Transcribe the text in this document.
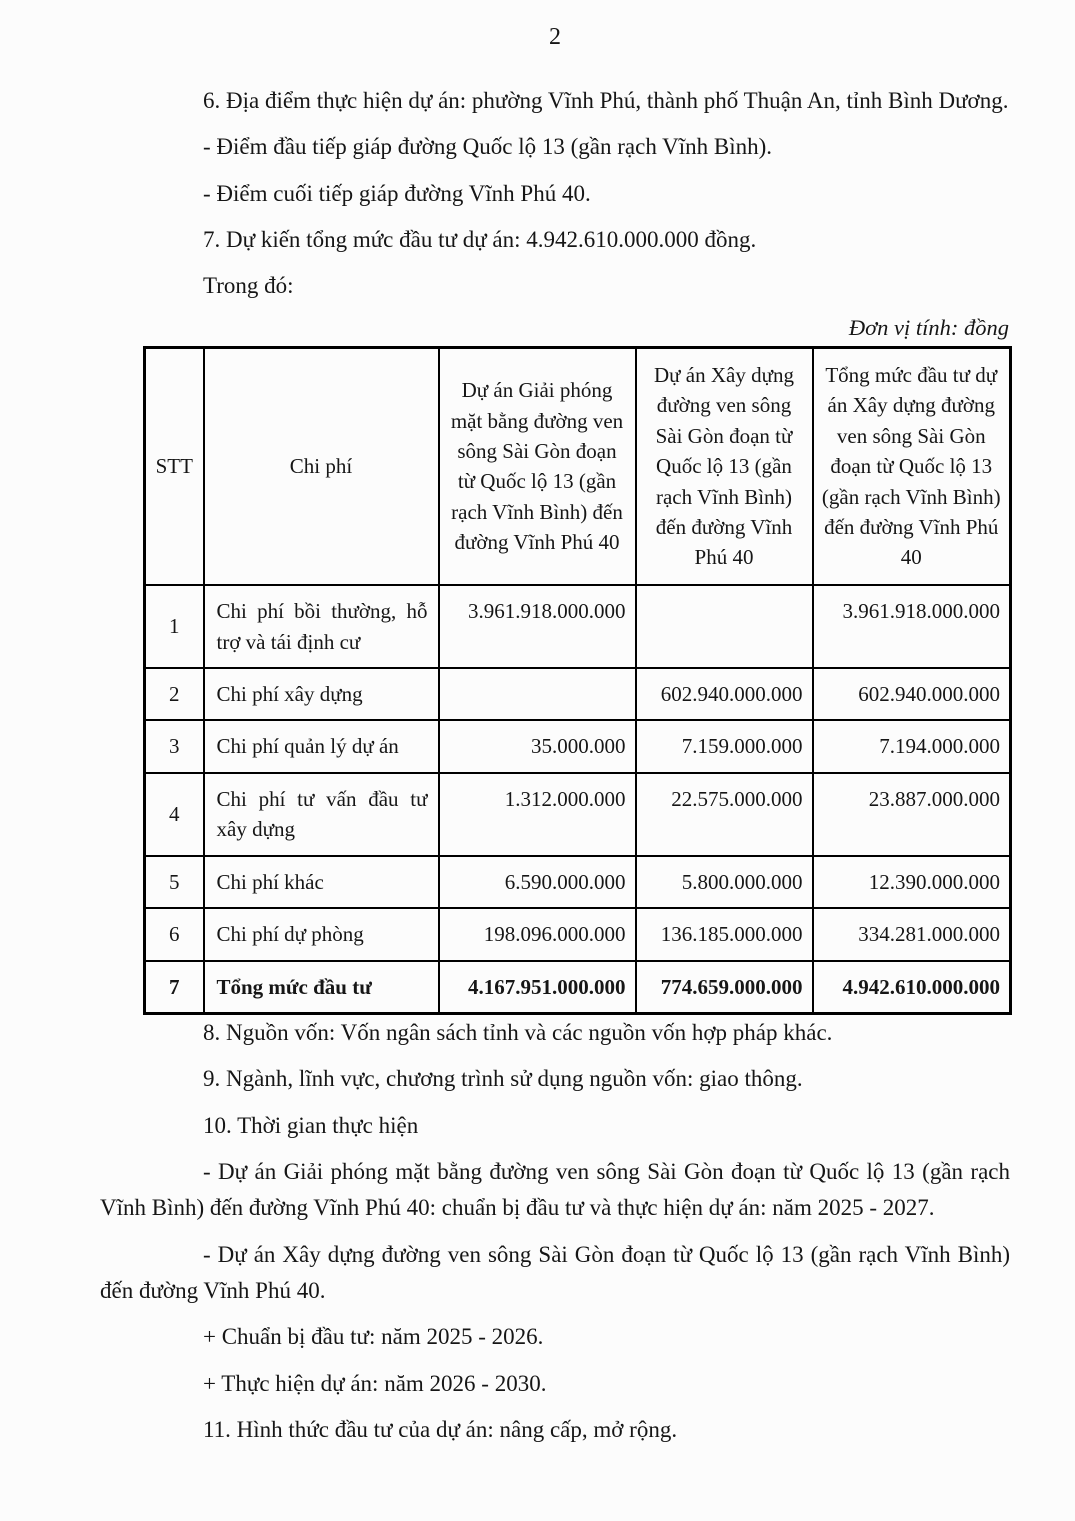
2

6. Địa điểm thực hiện dự án: phường Vĩnh Phú, thành phố Thuận An, tỉnh Bình Dương.

- Điểm đầu tiếp giáp đường Quốc lộ 13 (gần rạch Vĩnh Bình).

- Điểm cuối tiếp giáp đường Vĩnh Phú 40.

7. Dự kiến tổng mức đầu tư dự án: 4.942.610.000.000 đồng.

Trong đó:

Đơn vị tính: đồng
STT	Chi phí	Dự án Giải phóng mặt bằng đường ven sông Sài Gòn đoạn từ Quốc lộ 13 (gần rạch Vĩnh Bình) đến đường Vĩnh Phú 40	Dự án Xây dựng đường ven sông Sài Gòn đoạn từ Quốc lộ 13 (gần rạch Vĩnh Bình) đến đường Vĩnh Phú 40	Tổng mức đầu tư dự án Xây dựng đường ven sông Sài Gòn đoạn từ Quốc lộ 13 (gần rạch Vĩnh Bình) đến đường Vĩnh Phú 40
1	Chi phí bồi thường, hỗ trợ và tái định cư	3.961.918.000.000		3.961.918.000.000
2	Chi phí xây dựng		602.940.000.000	602.940.000.000
3	Chi phí quản lý dự án	35.000.000	7.159.000.000	7.194.000.000
4	Chi phí tư vấn đầu tư xây dựng	1.312.000.000	22.575.000.000	23.887.000.000
5	Chi phí khác	6.590.000.000	5.800.000.000	12.390.000.000
6	Chi phí dự phòng	198.096.000.000	136.185.000.000	334.281.000.000
7	Tổng mức đầu tư	4.167.951.000.000	774.659.000.000	4.942.610.000.000

8. Nguồn vốn: Vốn ngân sách tỉnh và các nguồn vốn hợp pháp khác.

9. Ngành, lĩnh vực, chương trình sử dụng nguồn vốn: giao thông.

10. Thời gian thực hiện

- Dự án Giải phóng mặt bằng đường ven sông Sài Gòn đoạn từ Quốc lộ 13 (gần rạch Vĩnh Bình) đến đường Vĩnh Phú 40: chuẩn bị đầu tư và thực hiện dự án: năm 2025 - 2027.

- Dự án Xây dựng đường ven sông Sài Gòn đoạn từ Quốc lộ 13 (gần rạch Vĩnh Bình) đến đường Vĩnh Phú 40.

+ Chuẩn bị đầu tư: năm 2025 - 2026.

+ Thực hiện dự án: năm 2026 - 2030.

11. Hình thức đầu tư của dự án: nâng cấp, mở rộng.
